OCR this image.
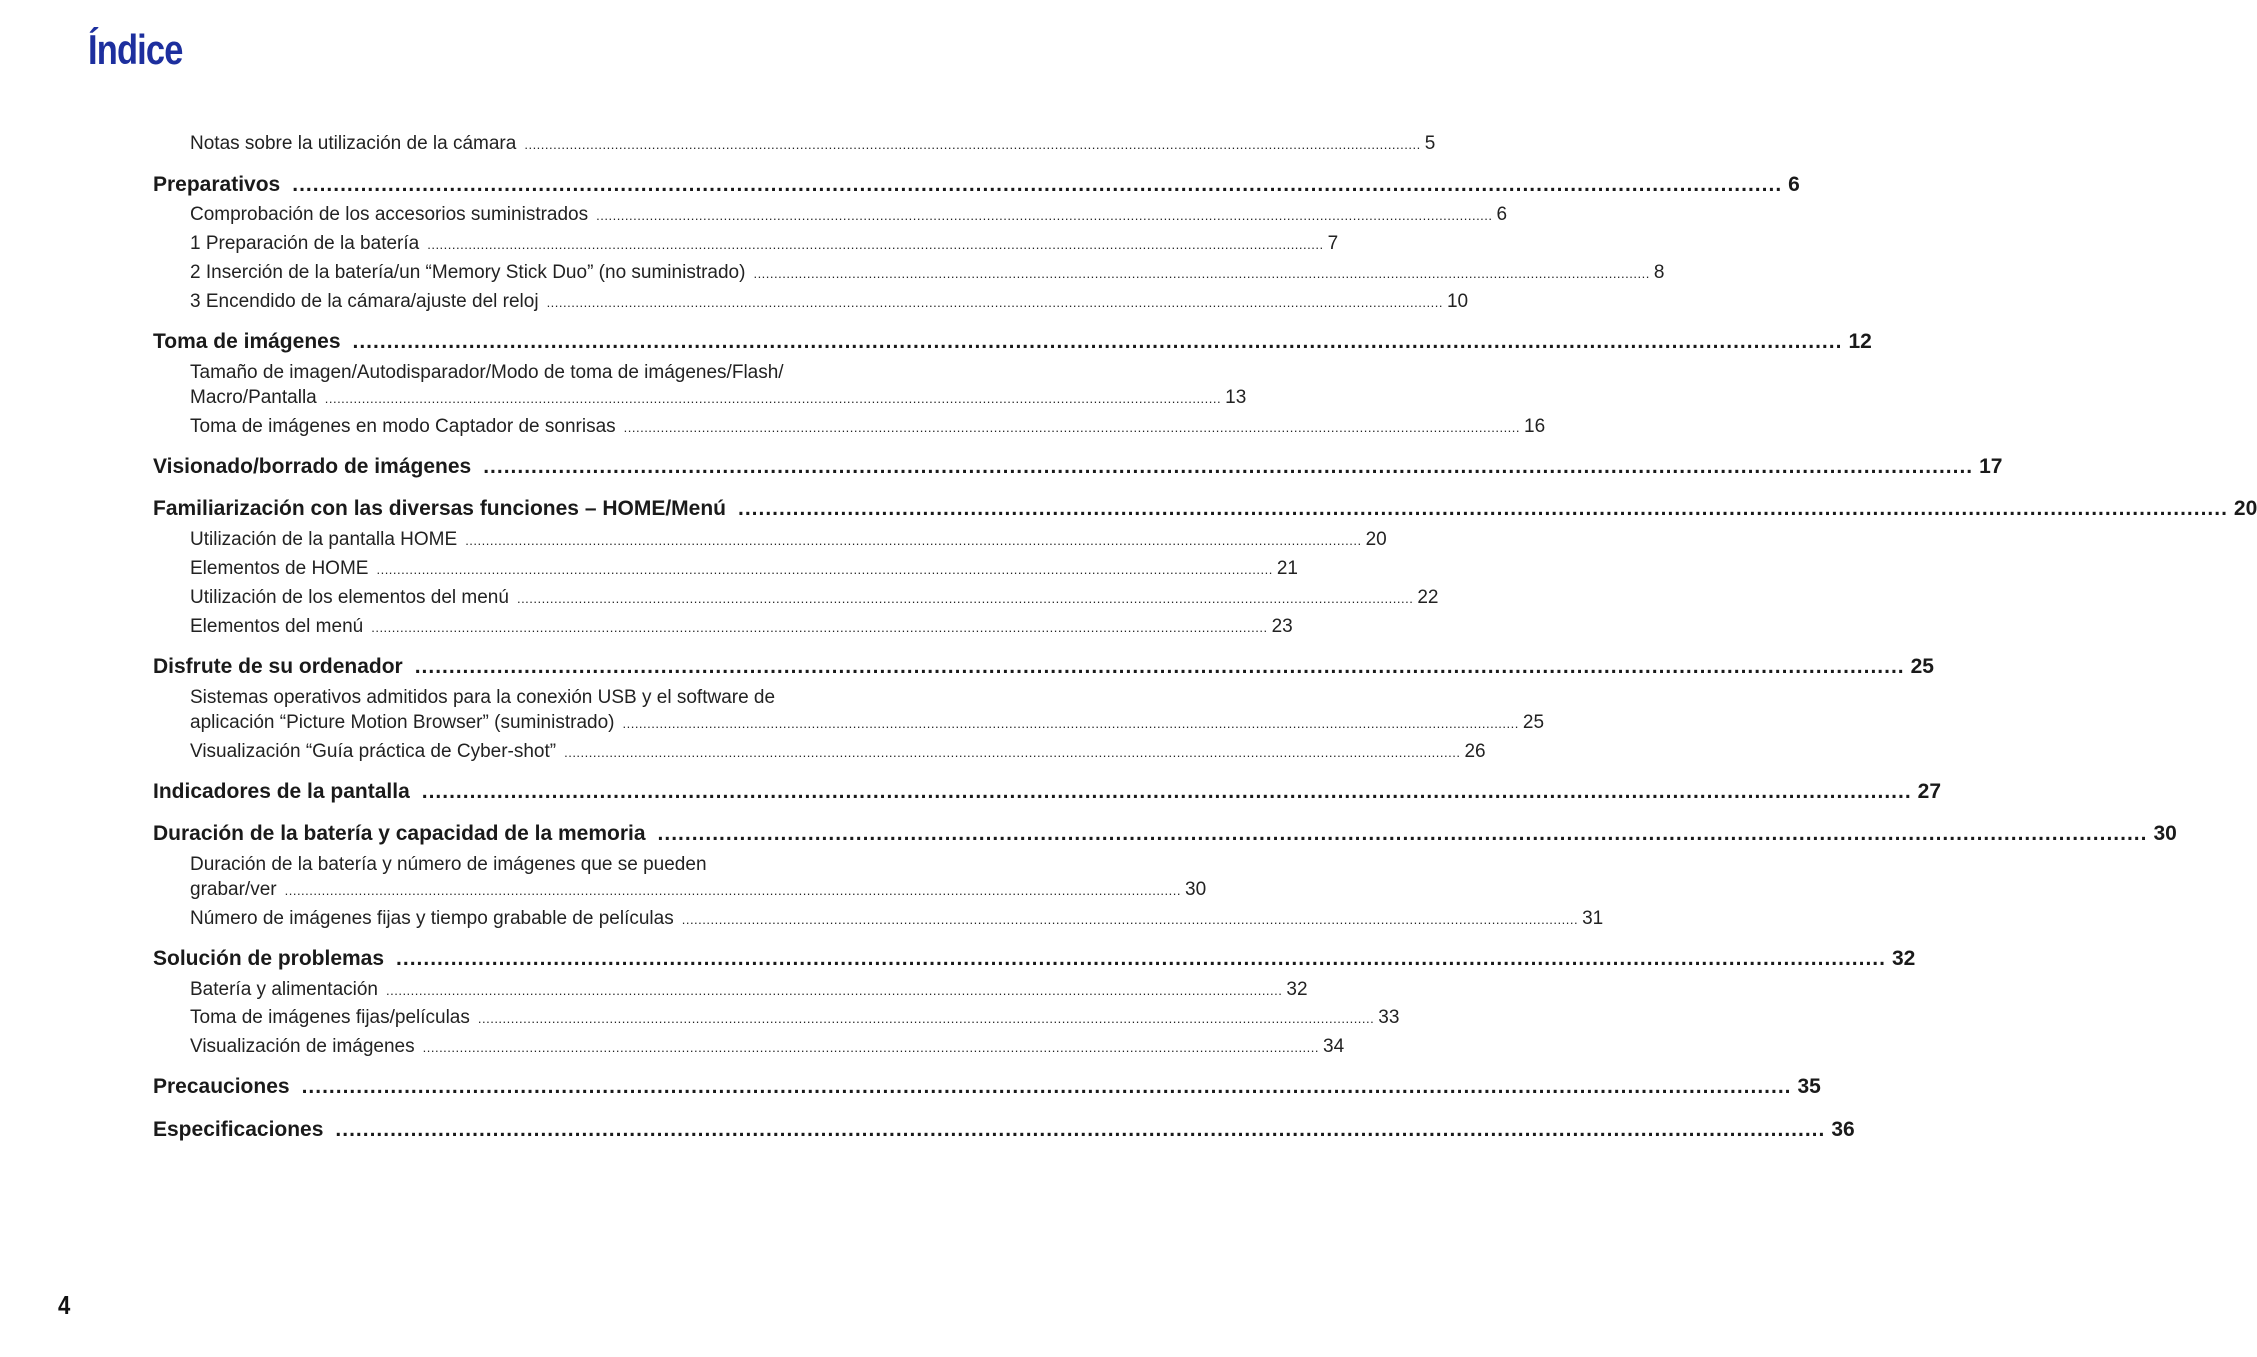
Índice
Notas sobre la utilización de la cámara .......................................................................................................................................................................................................................... 5
Preparativos .......................................................................................................................................................................................................................... 6
Comprobación de los accesorios suministrados .......................................................................................................................................................................................................................... 6
1 Preparación de la batería .......................................................................................................................................................................................................................... 7
2 Inserción de la batería/un “Memory Stick Duo” (no suministrado) .......................................................................................................................................................................................................................... 8
3 Encendido de la cámara/ajuste del reloj .......................................................................................................................................................................................................................... 10
Toma de imágenes .......................................................................................................................................................................................................................... 12
Tamaño de imagen/Autodisparador/Modo de toma de imágenes/Flash/
Macro/Pantalla .......................................................................................................................................................................................................................... 13
Toma de imágenes en modo Captador de sonrisas .......................................................................................................................................................................................................................... 16
Visionado/borrado de imágenes .......................................................................................................................................................................................................................... 17
Familiarización con las diversas funciones – HOME/Menú .......................................................................................................................................................................................................................... 20
Utilización de la pantalla HOME .......................................................................................................................................................................................................................... 20
Elementos de HOME .......................................................................................................................................................................................................................... 21
Utilización de los elementos del menú .......................................................................................................................................................................................................................... 22
Elementos del menú .......................................................................................................................................................................................................................... 23
Disfrute de su ordenador .......................................................................................................................................................................................................................... 25
Sistemas operativos admitidos para la conexión USB y el software de
aplicación “Picture Motion Browser” (suministrado) .......................................................................................................................................................................................................................... 25
Visualización “Guía práctica de Cyber-shot” .......................................................................................................................................................................................................................... 26
Indicadores de la pantalla .......................................................................................................................................................................................................................... 27
Duración de la batería y capacidad de la memoria .......................................................................................................................................................................................................................... 30
Duración de la batería y número de imágenes que se pueden
grabar/ver .......................................................................................................................................................................................................................... 30
Número de imágenes fijas y tiempo grabable de películas .......................................................................................................................................................................................................................... 31
Solución de problemas .......................................................................................................................................................................................................................... 32
Batería y alimentación .......................................................................................................................................................................................................................... 32
Toma de imágenes fijas/películas .......................................................................................................................................................................................................................... 33
Visualización de imágenes .......................................................................................................................................................................................................................... 34
Precauciones .......................................................................................................................................................................................................................... 35
Especificaciones .......................................................................................................................................................................................................................... 36
4
